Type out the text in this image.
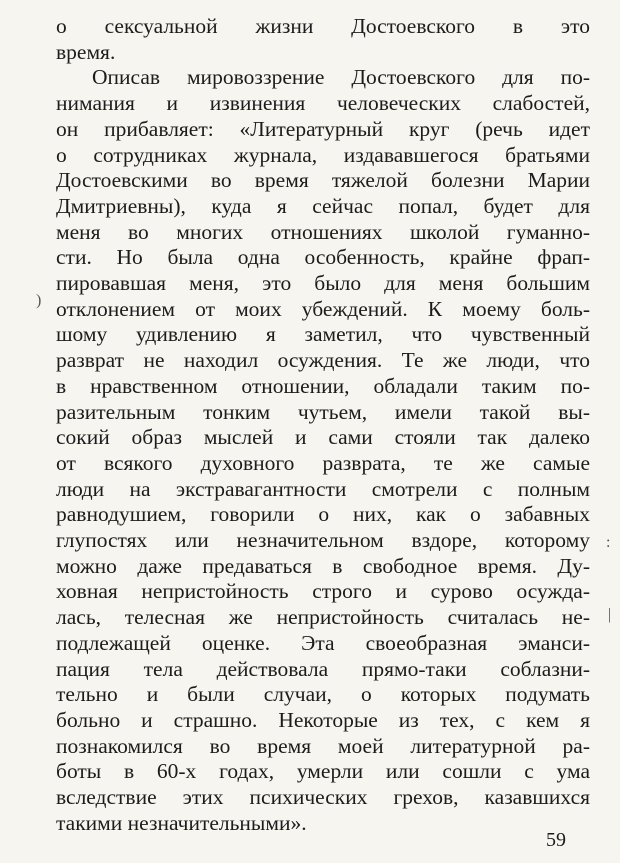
о сексуальной жизни Достоевского в это
время.
Описав мировоззрение Достоевского для по-
нимания и извинения человеческих слабостей,
он прибавляет: «Литературный круг (речь идет
о сотрудниках журнала, издававшегося братьями
Достоевскими во время тяжелой болезни Марии
Дмитриевны), куда я сейчас попал, будет для
меня во многих отношениях школой гуманно-
сти. Но была одна особенность, крайне фрап-
пировавшая меня, это было для меня большим
отклонением от моих убеждений. К моему боль-
шому удивлению я заметил, что чувственный
разврат не находил осуждения. Те же люди, что
в нравственном отношении, обладали таким по-
разительным тонким чутьем, имели такой вы-
сокий образ мыслей и сами стояли так далеко
от всякого духовного разврата, те же самые
люди на экстравагантности смотрели с полным
равнодушием, говорили о них, как о забавных
глупостях или незначительном вздоре, которому
можно даже предаваться в свободное время. Ду-
ховная непристойность строго и сурово осужда-
лась, телесная же непристойность считалась не-
подлежащей оценке. Эта своеобразная эманси-
пация тела действовала прямо-таки соблазни-
тельно и были случаи, о которых подумать
больно и страшно. Некоторые из тех, с кем я
познакомился во время моей литературной ра-
боты в 60-х годах, умерли или сошли с ума
вследствие этих психических грехов, казавшихся
такими незначительными».
59
)
:
|
